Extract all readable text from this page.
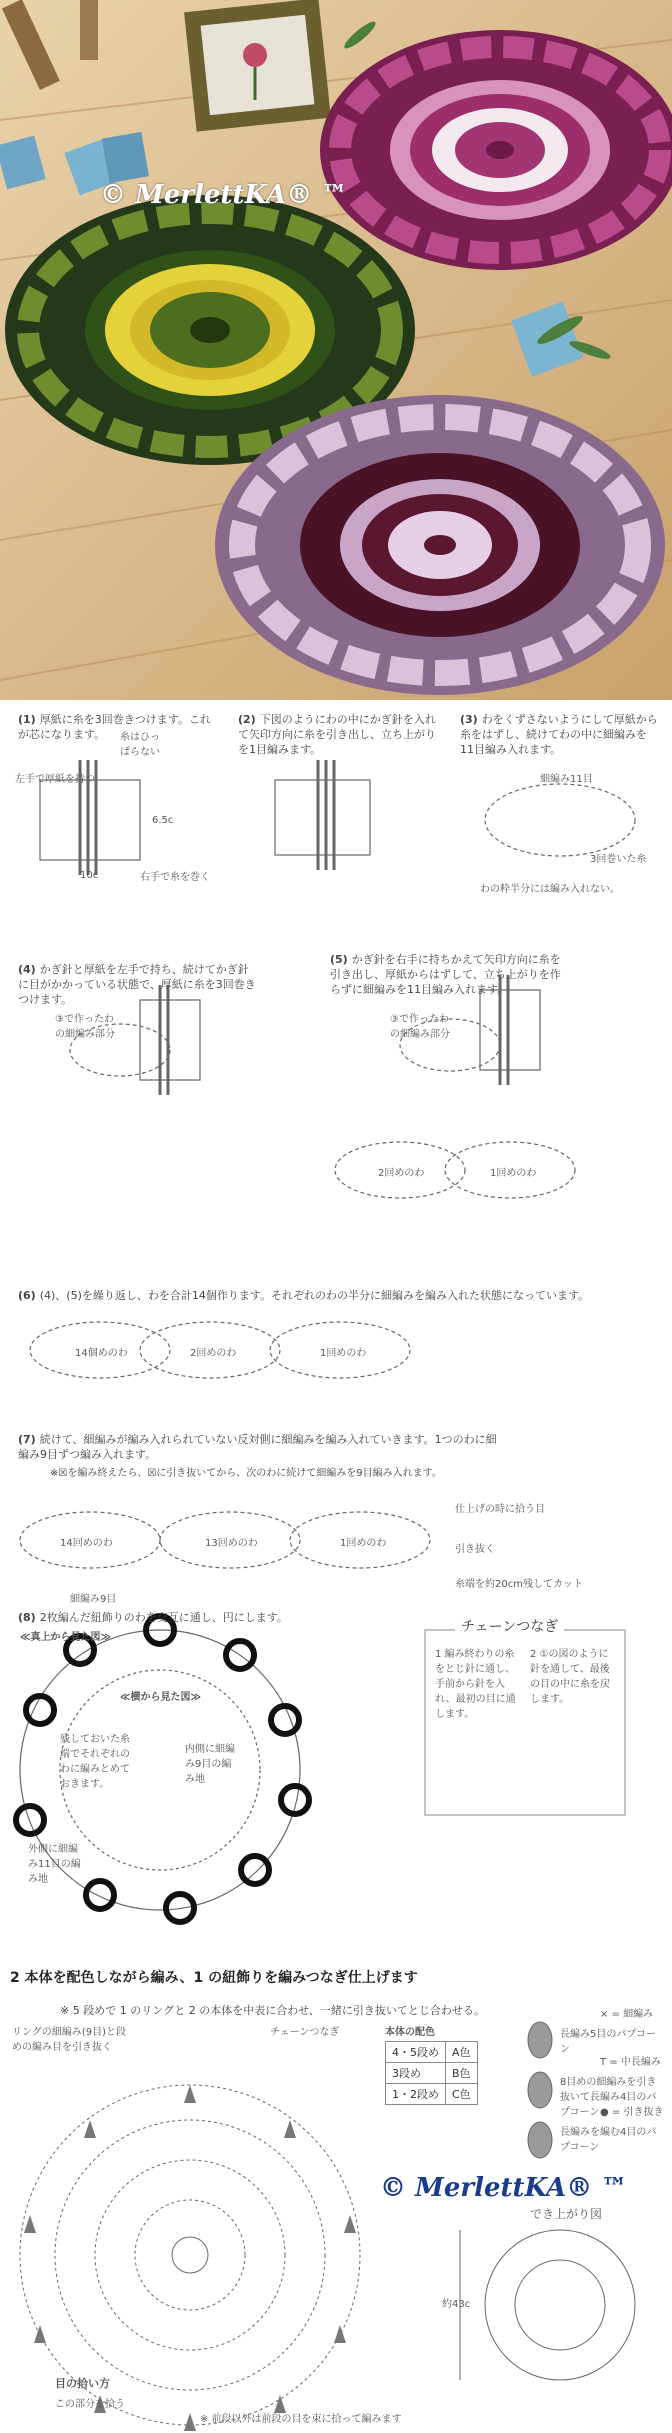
© MerlettKA® ™
(1) 厚紙に糸を3回巻きつけます。これが芯になります。
左手で厚紙を持つ
糸はひっぱらない
6.5c
10c	右手で糸を巻く
(2) 下図のようにわの中にかぎ針を入れて矢印方向に糸を引き出し、立ち上がりを1目編みます。
(3) わをくずさないようにして厚紙から糸をはずし、続けてわの中に細編みを11目編み入れます。
細編み11目
3回巻いた糸
わの粋半分には編み入れない。
(4) かぎ針と厚紙を左手で持ち、続けてかぎ針に目がかかっている状態で、厚紙に糸を3回巻きつけます。
③で作ったわの細編み部分
(5) かぎ針を右手に持ちかえて矢印方向に糸を引き出し、厚紙からはずして、立ち上がりを作らずに細編みを11目編み入れます。
③で作ったわの細編み部分
2回めのわ	1回めのわ
(6) (4)、(5)を繰り返し、わを合計14個作ります。それぞれのわの半分に細編みを編み入れた状態になっています。
14個めのわ	2回めのわ	1回めのわ
(7) 続けて、細編みが編み入れられていない反対側に細編みを編み入れていきます。1つのわに細編み9目ずつ編み入れます。
※☒を編み終えたら、☒に引き抜いてから、次のわに続けて細編みを9目編み入れます。
14回めのわ	13回めのわ	1回めのわ
仕上げの時に拾う目
引き抜く
糸端を約20cm残してカット
細編み9目
(8) 2枚編んだ紐飾りのわを交互に通し、円にします。
≪真上から見た図≫
≪横から見た図≫
残しておいた糸端でそれぞれのわに編みとめておきます。
内側に細編み9目の編み地
外側に細編み11目の編み地
チェーンつなぎ
1 編み終わりの糸をとじ針に通し、手前から針を入れ、最初の目に通します。
2 ①の図のように針を通して、最後の目の中に糸を戻します。
2 本体を配色しながら編み、1 の紐飾りを編みつなぎ仕上げます
※ 5 段めで 1 のリングと 2 の本体を中表に合わせ、一緒に引き抜いてとじ合わせる。
リングの細編み(9目)と段めの編み目を引き抜く
チェーンつなぎ	本体の配色
4・5段め	A色
3段め	B色
1・2段め	C色
長編み5目のパプコーン
8目めの細編みを引き抜いて長編み4目のパプコーン
長編みを編む4目のパプコーン
× = 細編み
T = 中長編み
● = 引き抜き
© MerlettKA® ™
でき上がり図
約43c
目の拾い方
この部分を拾う
※ 前段以外は前段の目を束に拾って編みます
